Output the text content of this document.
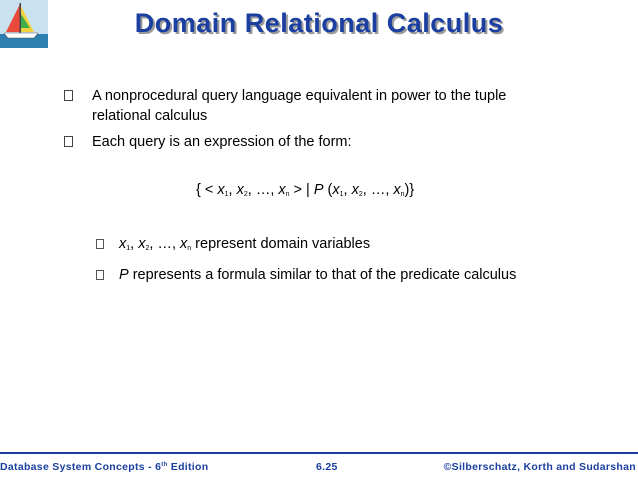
Domain Relational Calculus
A nonprocedural query language equivalent in power to the tuple relational calculus
Each query is an expression of the form:
{ < $x_1$, $x_2$, …, $x_n$ > | P ($x_1$, $x_2$, …, $x_n$)}
$x_1$, $x_2$, …, $x_n$ represent domain variables
P represents a formula similar to that of the predicate calculus
Database System Concepts - 6th Edition	6.25	©Silberschatz, Korth and Sudarshan
